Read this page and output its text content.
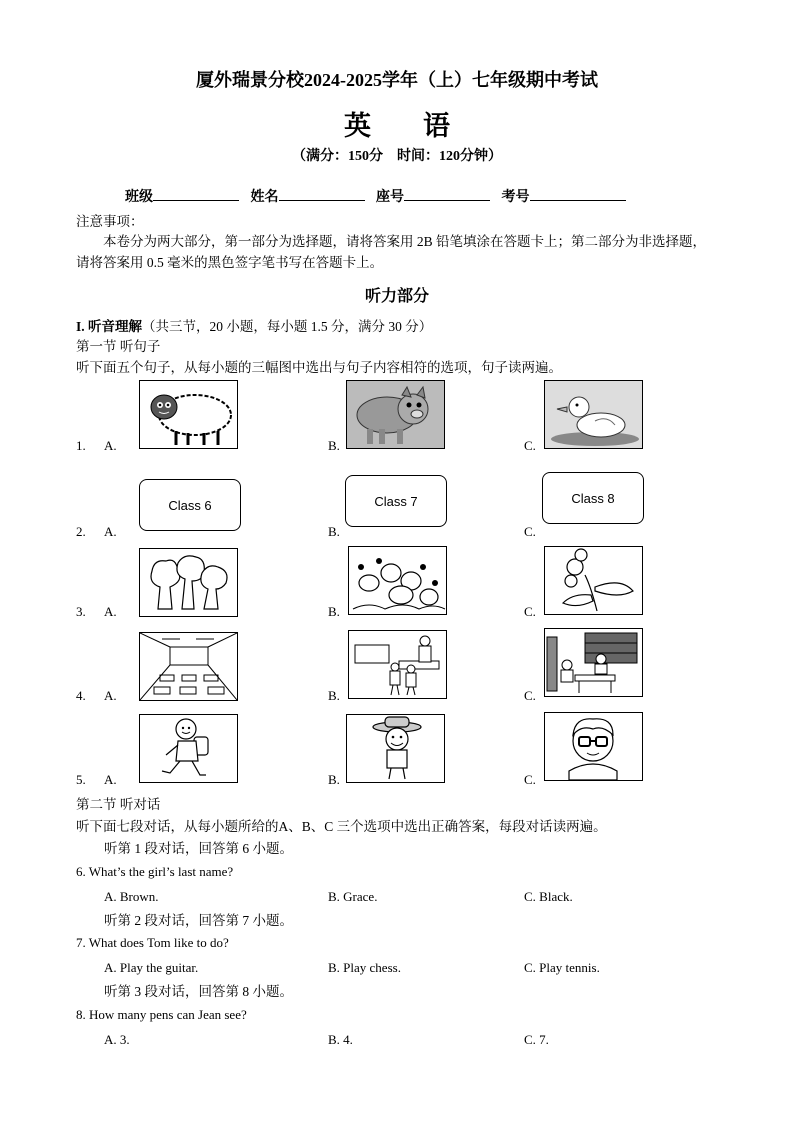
厦外瑞景分校2024-2025学年（上）七年级期中考试
英语
（满分：150分　时间：120分钟）
班级	姓名	座号	考号
注意事项：
本卷分为两大部分，第一部分为选择题，请将答案用 2B 铅笔填涂在答题卡上；第二部分为非选择题，请将答案用 0.5 毫米的黑色签字笔书写在答题卡上。
听力部分
I. 听音理解（共三节，20 小题，每小题 1.5 分，满分 30 分）
第一节 听句子
听下面五个句子，从每小题的三幅图中选出与句子内容相符的选项，句子读两遍。
1. A.	B.	C.
2. A.
Class 6
B.
Class 7
C.
Class 8
3. A.	B.	C.
4. A.	B.	C.
5. A.	B.	C.
第二节 听对话
听下面七段对话，从每小题所给的A、B、C 三个选项中选出正确答案，每段对话读两遍。
听第 1 段对话，回答第 6 小题。
6. What’s the girl’s last name?
A. Brown.	B. Grace.	C. Black.
听第 2 段对话，回答第 7 小题。
7. What does Tom like to do?
A. Play the guitar.	B. Play chess.	C. Play tennis.
听第 3 段对话，回答第 8 小题。
8. How many pens can Jean see?
A. 3.	B. 4.	C. 7.
